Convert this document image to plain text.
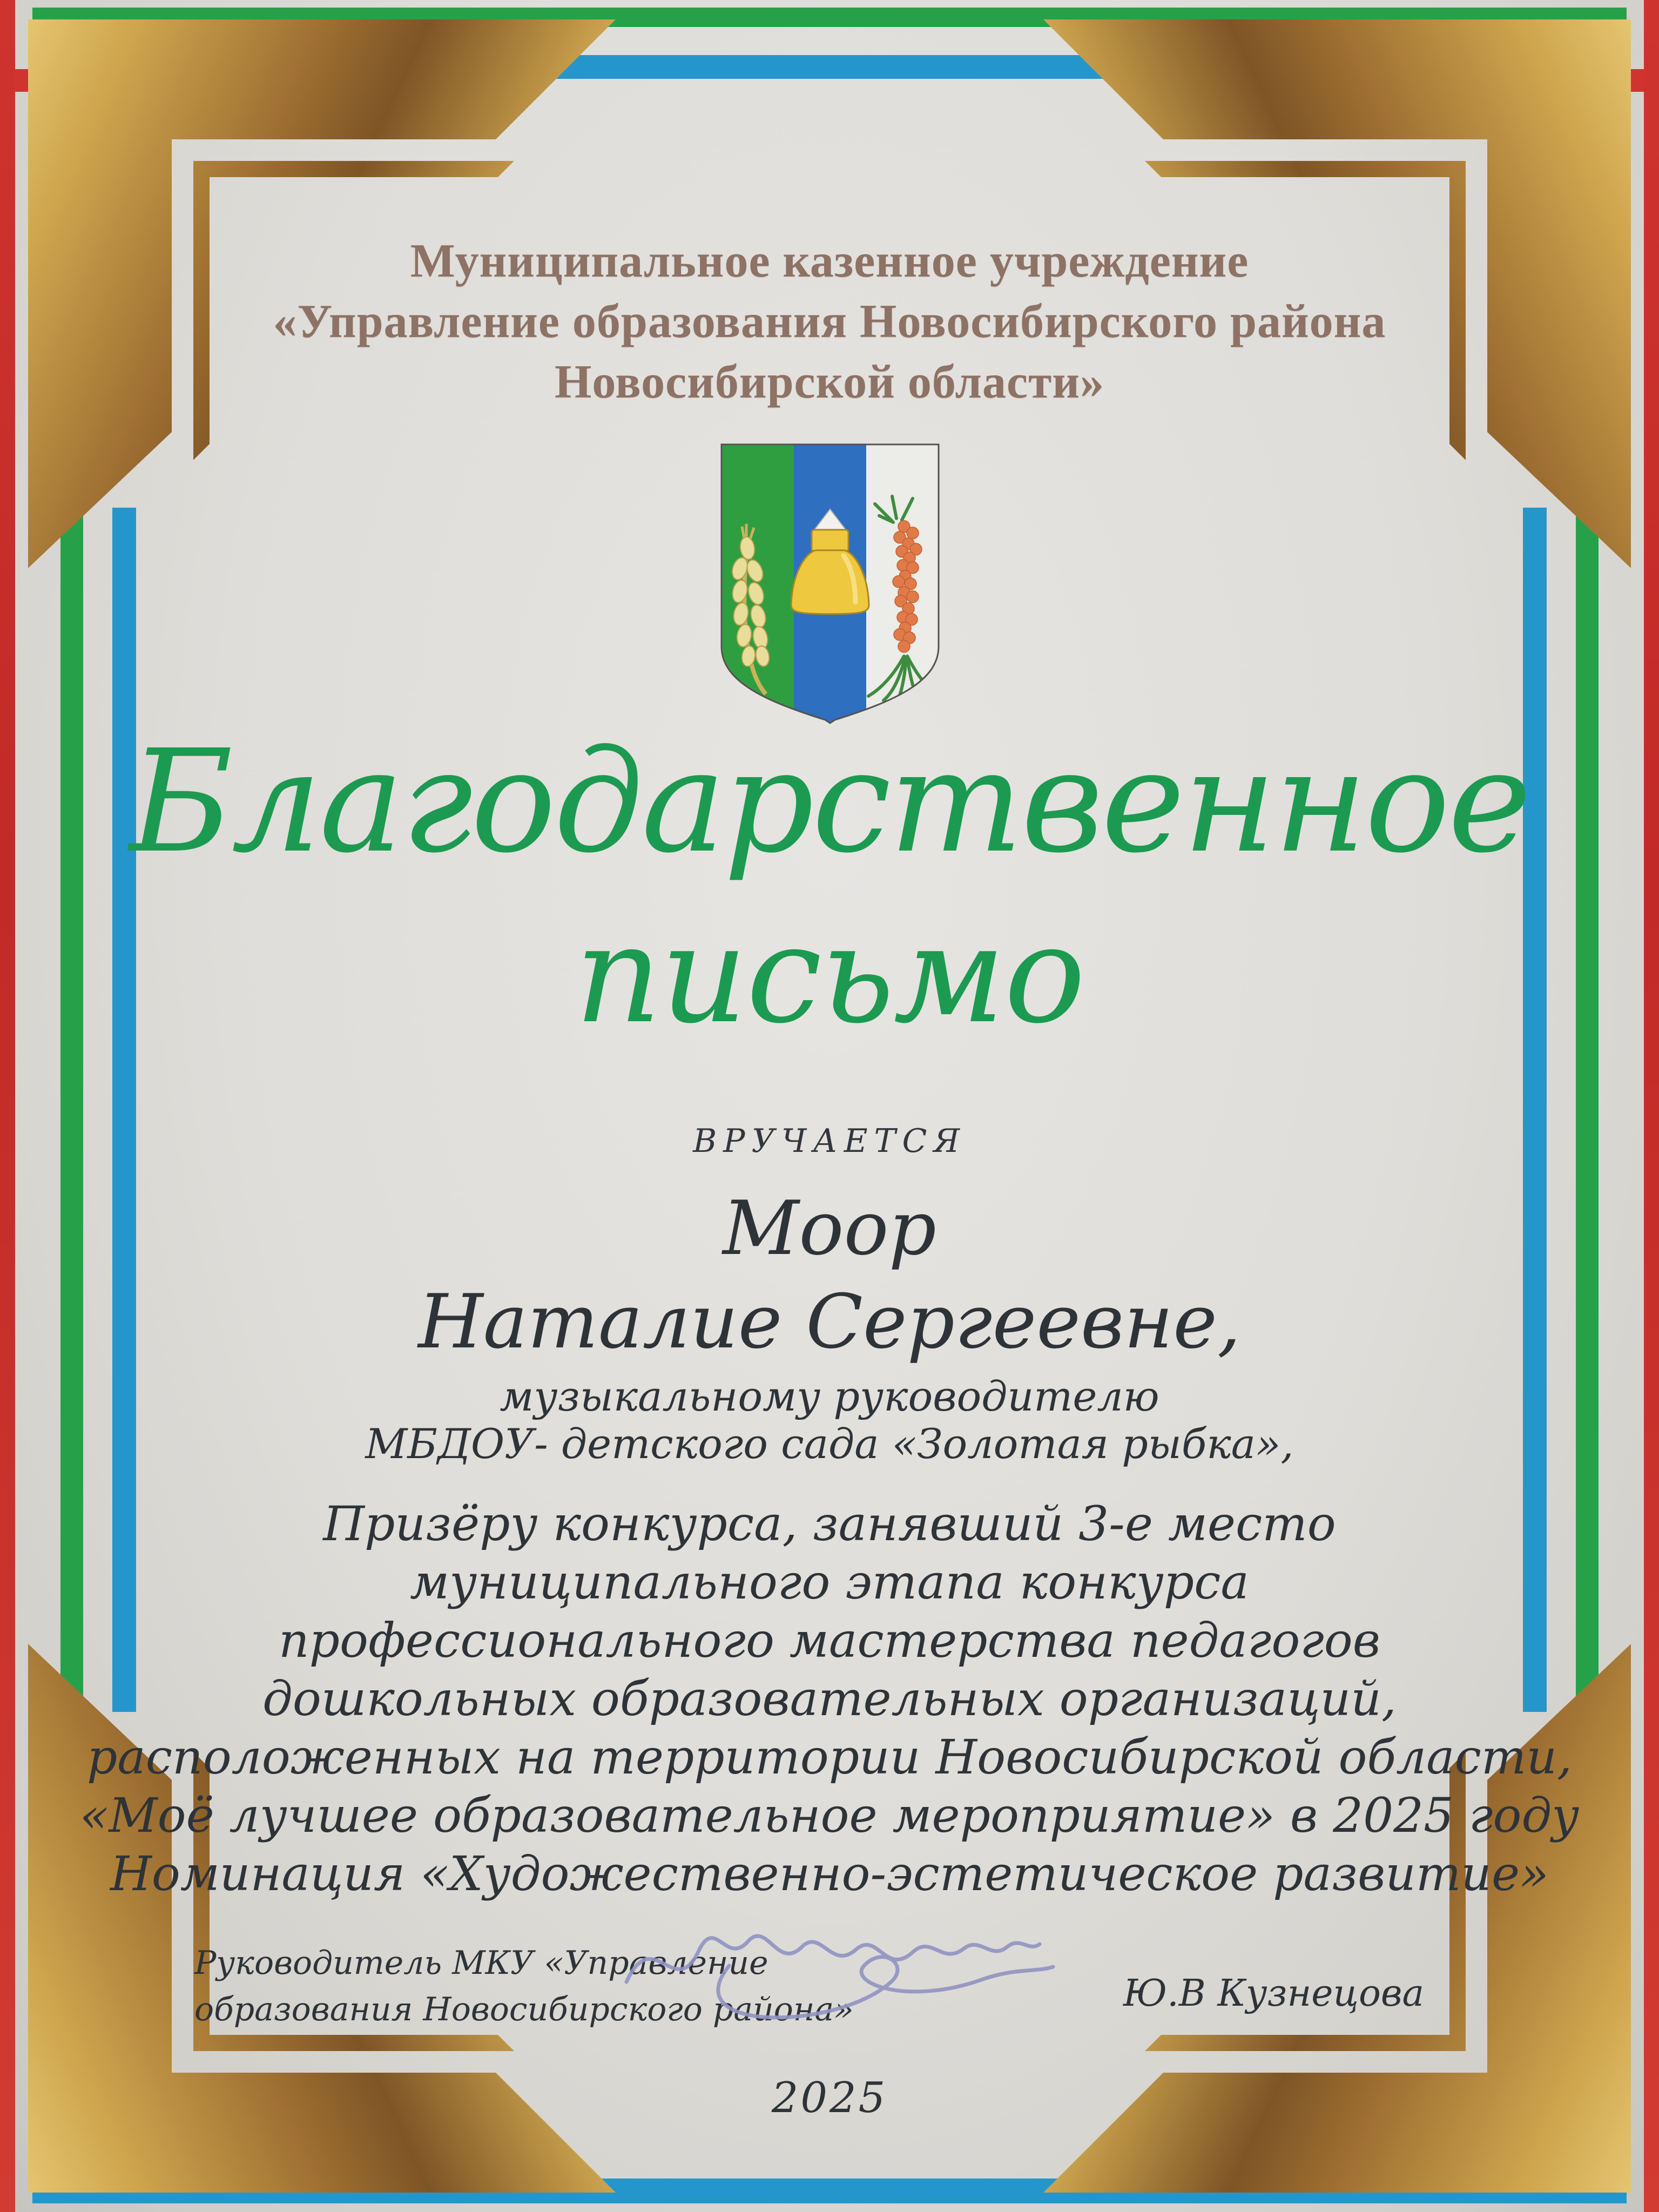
Муниципальное казенное учреждение
«Управление образования Новосибирского района
Новосибирской области»
Благодарственное
письмо
ВРУЧАЕТСЯ
Моор
Наталие Сергеевне,
музыкальному руководителю
МБДОУ- детского сада «Золотая рыбка»,
Призёру конкурса, занявший 3-е место
муниципального этапа конкурса
профессионального мастерства педагогов
дошкольных образовательных организаций,
расположенных на территории Новосибирской области,
«Моё лучшее образовательное мероприятие» в 2025 году
Номинация «Художественно-эстетическое развитие»
Руководитель МКУ «Управление
образования Новосибирского района»	Ю.В Кузнецова
2025
